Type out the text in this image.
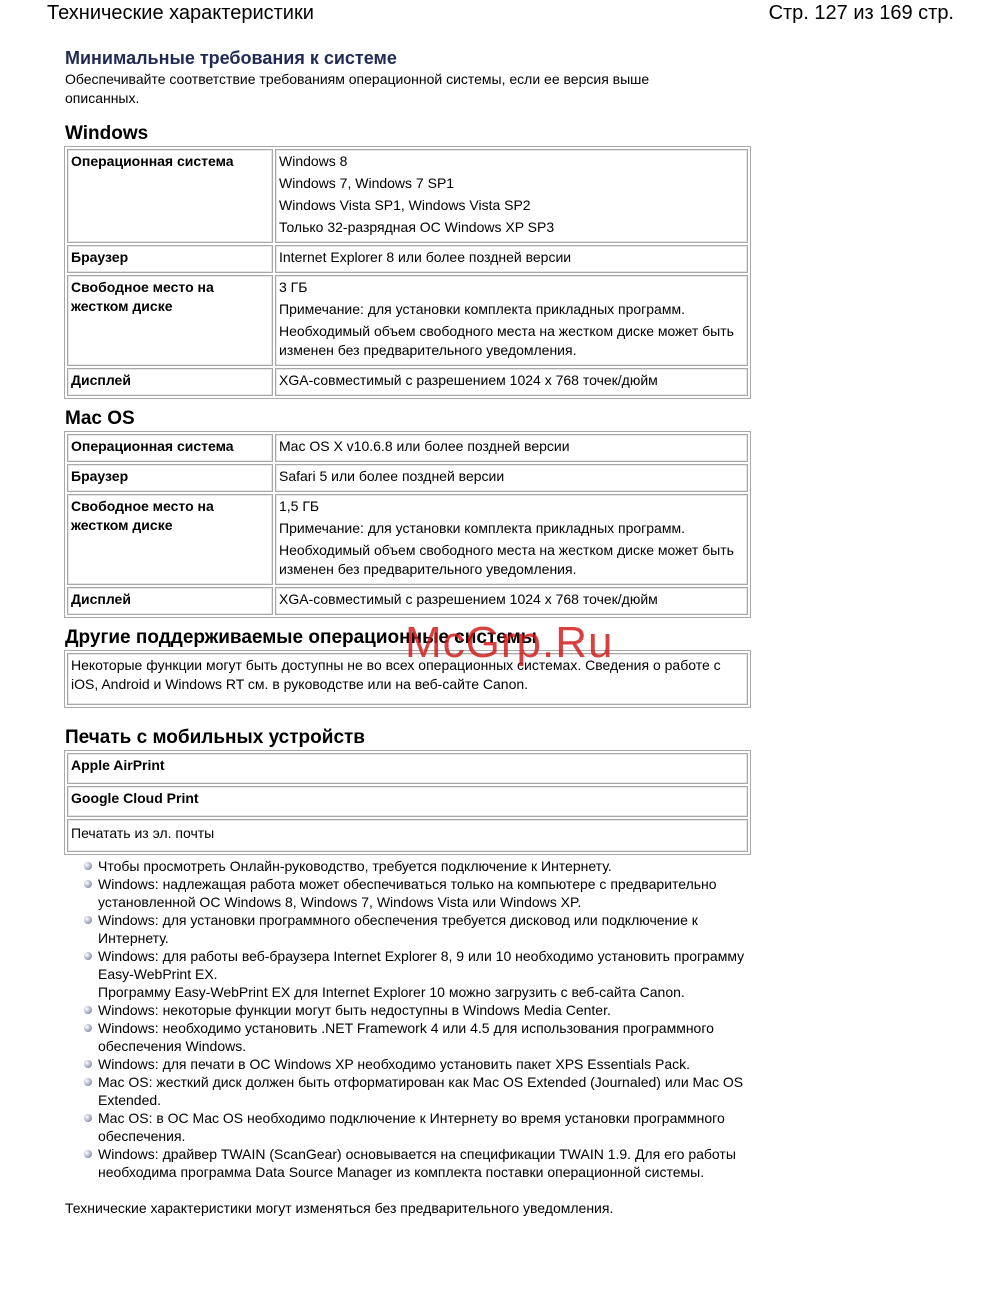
Технические характеристики	Стр. 127 из 169 стр.
Минимальные требования к системе

Обеспечивайте соответствие требованиям операционной системы, если ее версия выше описанных.

Windows
Операционная система	Windows 8
Windows 7, Windows 7 SP1
Windows Vista SP1, Windows Vista SP2
Только 32-разрядная ОС Windows XP SP3

Браузер	Internet Explorer 8 или более поздней версии
Свободное место на жестком диске	3 ГБ
Примечание: для установки комплекта прикладных программ.
Необходимый объем свободного места на жестком диске может быть изменен без предварительного уведомления.

Дисплей	XGA-совместимый с разрешением 1024 x 768 точек/дюйм
Mac OS
Операционная система	Mac OS X v10.6.8 или более поздней версии
Браузер	Safari 5 или более поздней версии
Свободное место на жестком диске	1,5 ГБ
Примечание: для установки комплекта прикладных программ.
Необходимый объем свободного места на жестком диске может быть изменен без предварительного уведомления.

Дисплей	XGA-совместимый с разрешением 1024 x 768 точек/дюйм
Другие поддерживаемые операционные системы
Некоторые функции могут быть доступны не во всех операционных системах. Сведения о работе с iOS, Android и Windows RT см. в руководстве или на веб-сайте Canon.
Печать с мобильных устройств
Apple AirPrint
Google Cloud Print
Печатать из эл. почты
Чтобы просмотреть Онлайн-руководство, требуется подключение к Интернету.
Windows: надлежащая работа может обеспечиваться только на компьютере с предварительно установленной ОС Windows 8, Windows 7, Windows Vista или Windows XP.
Windows: для установки программного обеспечения требуется дисковод или подключение к Интернету.
Windows: для работы веб-браузера Internet Explorer 8, 9 или 10 необходимо установить программу Easy-WebPrint EX.
Программу Easy-WebPrint EX для Internet Explorer 10 можно загрузить с веб-сайта Canon.
Windows: некоторые функции могут быть недоступны в Windows Media Center.
Windows: необходимо установить .NET Framework 4 или 4.5 для использования программного обеспечения Windows.
Windows: для печати в ОС Windows XP необходимо установить пакет XPS Essentials Pack.
Mac OS: жесткий диск должен быть отформатирован как Mac OS Extended (Journaled) или Mac OS Extended.
Mac OS: в ОС Mac OS необходимо подключение к Интернету во время установки программного обеспечения.
Windows: драйвер TWAIN (ScanGear) основывается на спецификации TWAIN 1.9. Для его работы необходима программа Data Source Manager из комплекта поставки операционной системы.

Технические характеристики могут изменяться без предварительного уведомления.

McGrp.Ru
